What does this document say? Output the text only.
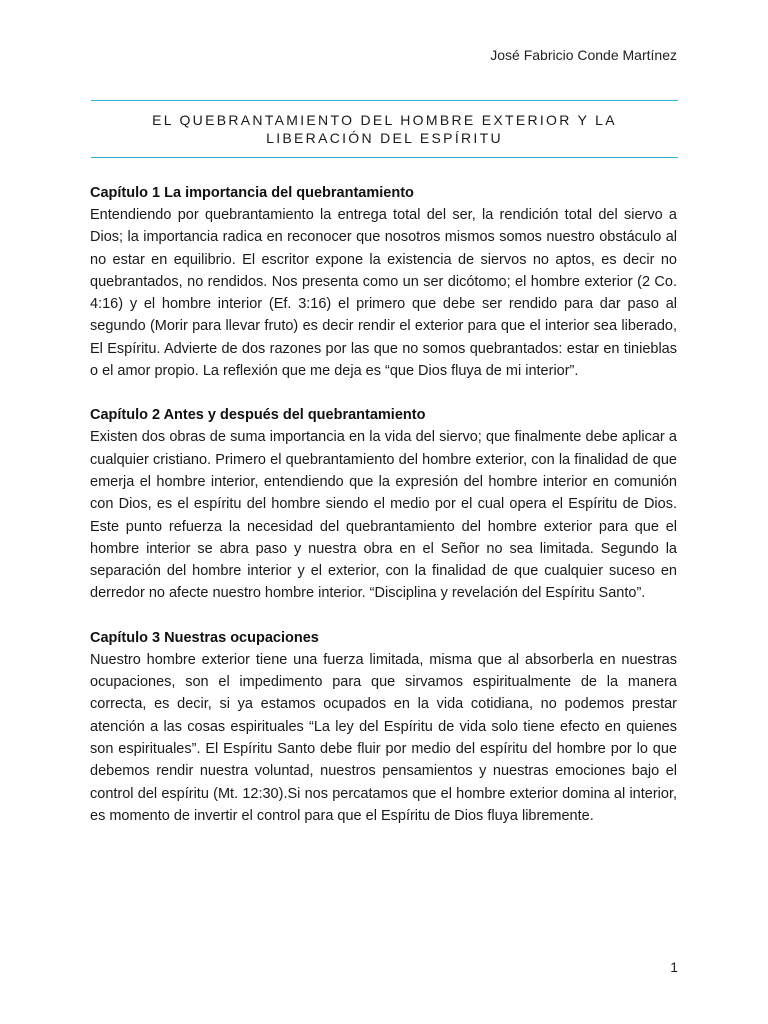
José Fabricio Conde Martínez

EL QUEBRANTAMIENTO DEL HOMBRE EXTERIOR Y LA
LIBERACIÓN DEL ESPÍRITU

Capítulo 1 La importancia del quebrantamiento

Entendiendo por quebrantamiento la entrega total del ser, la rendición total del siervo a Dios; la importancia radica en reconocer que nosotros mismos somos nuestro obstáculo al no estar en equilibrio. El escritor expone la existencia de siervos no aptos, es decir no quebrantados, no rendidos. Nos presenta como un ser dicótomo; el hombre exterior (2 Co. 4:16) y el hombre interior (Ef. 3:16) el primero que debe ser rendido para dar paso al segundo (Morir para llevar fruto) es decir rendir el exterior para que el interior sea liberado, El Espíritu. Advierte de dos razones por las que no somos quebrantados: estar en tinieblas o el amor propio. La reflexión que me deja es “que Dios fluya de mi interior”.

Capítulo 2 Antes y después del quebrantamiento

Existen dos obras de suma importancia en la vida del siervo; que finalmente debe aplicar a cualquier cristiano. Primero el quebrantamiento del hombre exterior, con la finalidad de que emerja el hombre interior, entendiendo que la expresión del hombre interior en comunión con Dios, es el espíritu del hombre siendo el medio por el cual opera el Espíritu de Dios. Este punto refuerza la necesidad del quebrantamiento del hombre exterior para que el hombre interior se abra paso y nuestra obra en el Señor no sea limitada. Segundo la separación del hombre interior y el exterior, con la finalidad de que cualquier suceso en derredor no afecte nuestro hombre interior. “Disciplina y revelación del Espíritu Santo”.

Capítulo 3 Nuestras ocupaciones

Nuestro hombre exterior tiene una fuerza limitada, misma que al absorberla en nuestras ocupaciones, son el impedimento para que sirvamos espiritualmente de la manera correcta, es decir, si ya estamos ocupados en la vida cotidiana, no podemos prestar atención a las cosas espirituales “La ley del Espíritu de vida solo tiene efecto en quienes son espirituales”. El Espíritu Santo debe fluir por medio del espíritu del hombre por lo que debemos rendir nuestra voluntad, nuestros pensamientos y nuestras emociones bajo el control del espíritu (Mt. 12:30).Si nos percatamos que el hombre exterior domina al interior, es momento de invertir el control para que el Espíritu de Dios fluya libremente.

1
